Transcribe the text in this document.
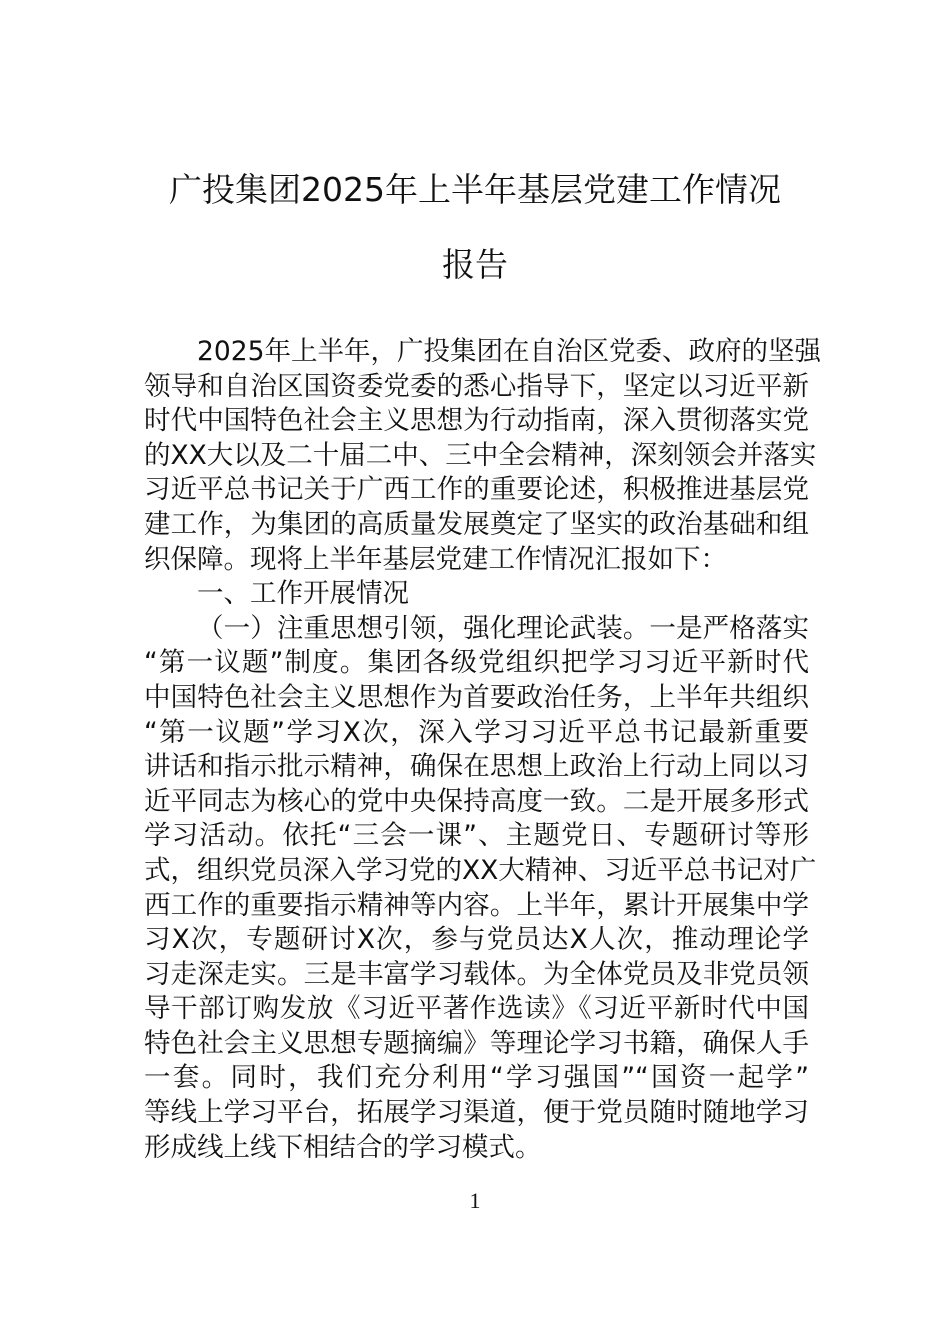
广投集团2025年上半年基层党建工作情况
报告
2025年上半年，广投集团在自治区党委、政府的坚强
领导和自治区国资委党委的悉心指导下，坚定以习近平新
时代中国特色社会主义思想为行动指南，深入贯彻落实党
的XX大以及二十届二中、三中全会精神，深刻领会并落实
习近平总书记关于广西工作的重要论述，积极推进基层党
建工作，为集团的高质量发展奠定了坚实的政治基础和组
织保障。现将上半年基层党建工作情况汇报如下：
一、工作开展情况
（一）注重思想引领，强化理论武装。一是严格落实
“第一议题”制度。集团各级党组织把学习习近平新时代
中国特色社会主义思想作为首要政治任务，上半年共组织
“第一议题”学习X次，深入学习习近平总书记最新重要
讲话和指示批示精神，确保在思想上政治上行动上同以习
近平同志为核心的党中央保持高度一致。二是开展多形式
学习活动。依托“三会一课”、主题党日、专题研讨等形
式，组织党员深入学习党的XX大精神、习近平总书记对广
西工作的重要指示精神等内容。上半年，累计开展集中学
习X次，专题研讨X次，参与党员达X人次，推动理论学
习走深走实。三是丰富学习载体。为全体党员及非党员领
导干部订购发放《习近平著作选读》《习近平新时代中国
特色社会主义思想专题摘编》等理论学习书籍，确保人手
一套。同时，我们充分利用“学习强国”“国资一起学”
等线上学习平台，拓展学习渠道，便于党员随时随地学习
形成线上线下相结合的学习模式。
1
